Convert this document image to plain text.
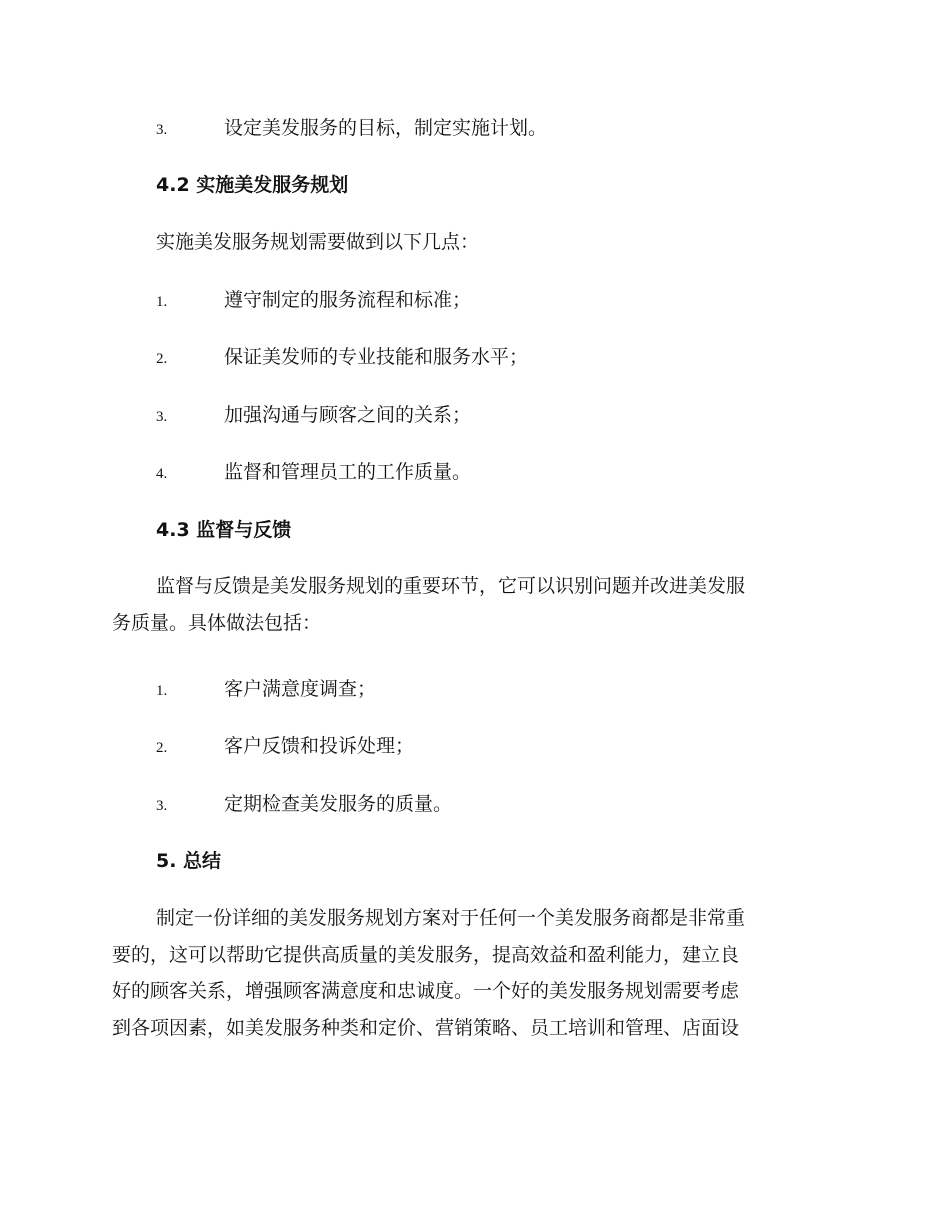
3.	设定美发服务的目标，制定实施计划。
4.2 实施美发服务规划
实施美发服务规划需要做到以下几点：
1.	遵守制定的服务流程和标准；
2.	保证美发师的专业技能和服务水平；
3.	加强沟通与顾客之间的关系；
4.	监督和管理员工的工作质量。
4.3 监督与反馈
监督与反馈是美发服务规划的重要环节，它可以识别问题并改进美发服
务质量。具体做法包括：
1.	客户满意度调查；
2.	客户反馈和投诉处理；
3.	定期检查美发服务的质量。
5. 总结
制定一份详细的美发服务规划方案对于任何一个美发服务商都是非常重
要的，这可以帮助它提供高质量的美发服务，提高效益和盈利能力，建立良
好的顾客关系，增强顾客满意度和忠诚度。一个好的美发服务规划需要考虑
到各项因素，如美发服务种类和定价、营销策略、员工培训和管理、店面设
